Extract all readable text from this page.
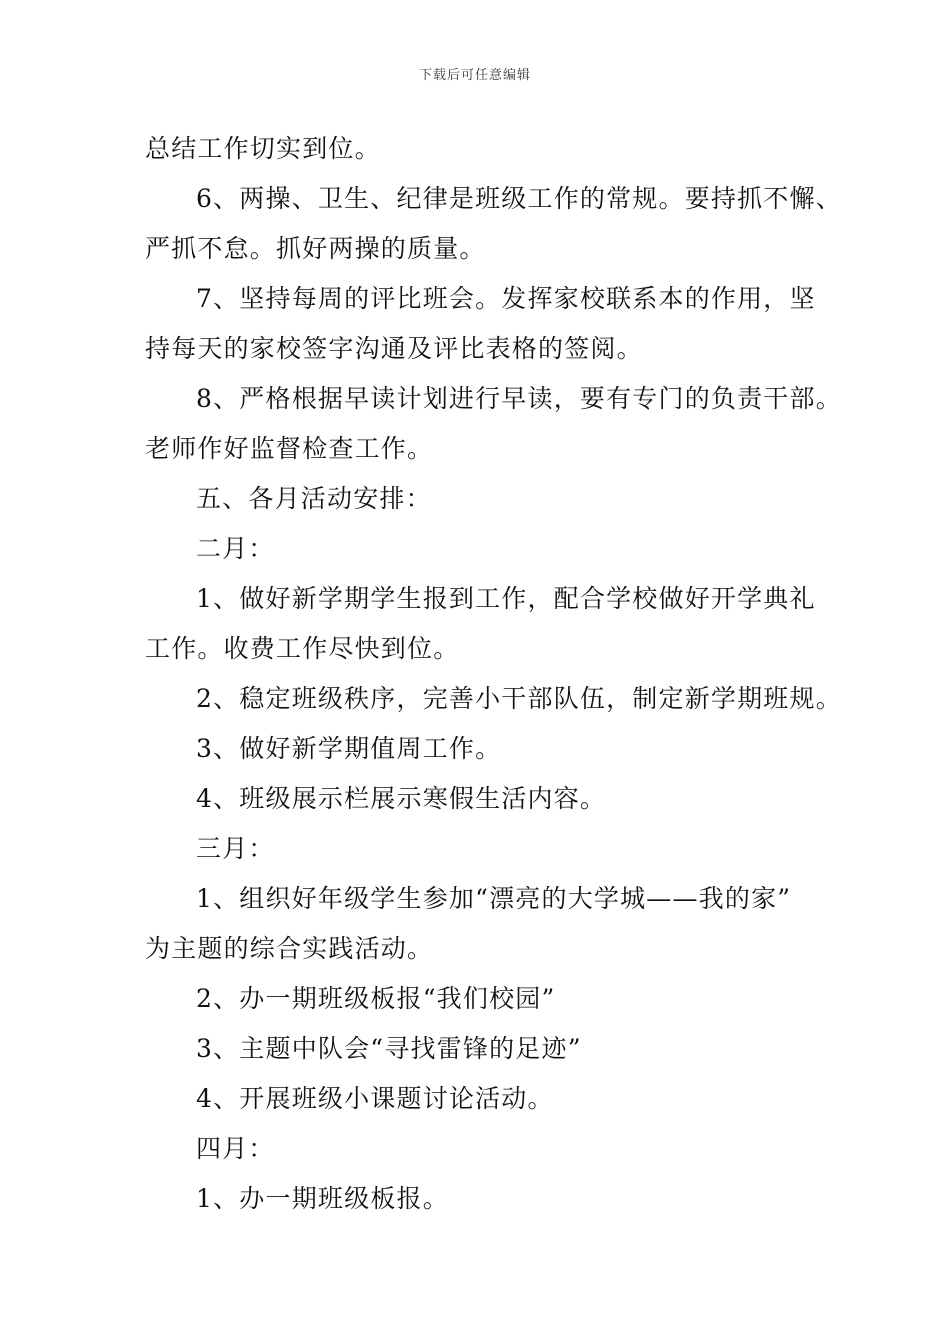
下载后可任意编辑

总结工作切实到位。

6、两操、卫生、纪律是班级工作的常规。要持抓不懈、

严抓不怠。抓好两操的质量。

7、坚持每周的评比班会。发挥家校联系本的作用，坚

持每天的家校签字沟通及评比表格的签阅。

8、严格根据早读计划进行早读，要有专门的负责干部。

老师作好监督检查工作。

五、各月活动安排：

二月：

1、做好新学期学生报到工作，配合学校做好开学典礼

工作。收费工作尽快到位。

2、稳定班级秩序，完善小干部队伍，制定新学期班规。

3、做好新学期值周工作。

4、班级展示栏展示寒假生活内容。

三月：

1、组织好年级学生参加“漂亮的大学城——我的家”

为主题的综合实践活动。

2、办一期班级板报“我们校园”

3、主题中队会“寻找雷锋的足迹”

4、开展班级小课题讨论活动。

四月：

1、办一期班级板报。
